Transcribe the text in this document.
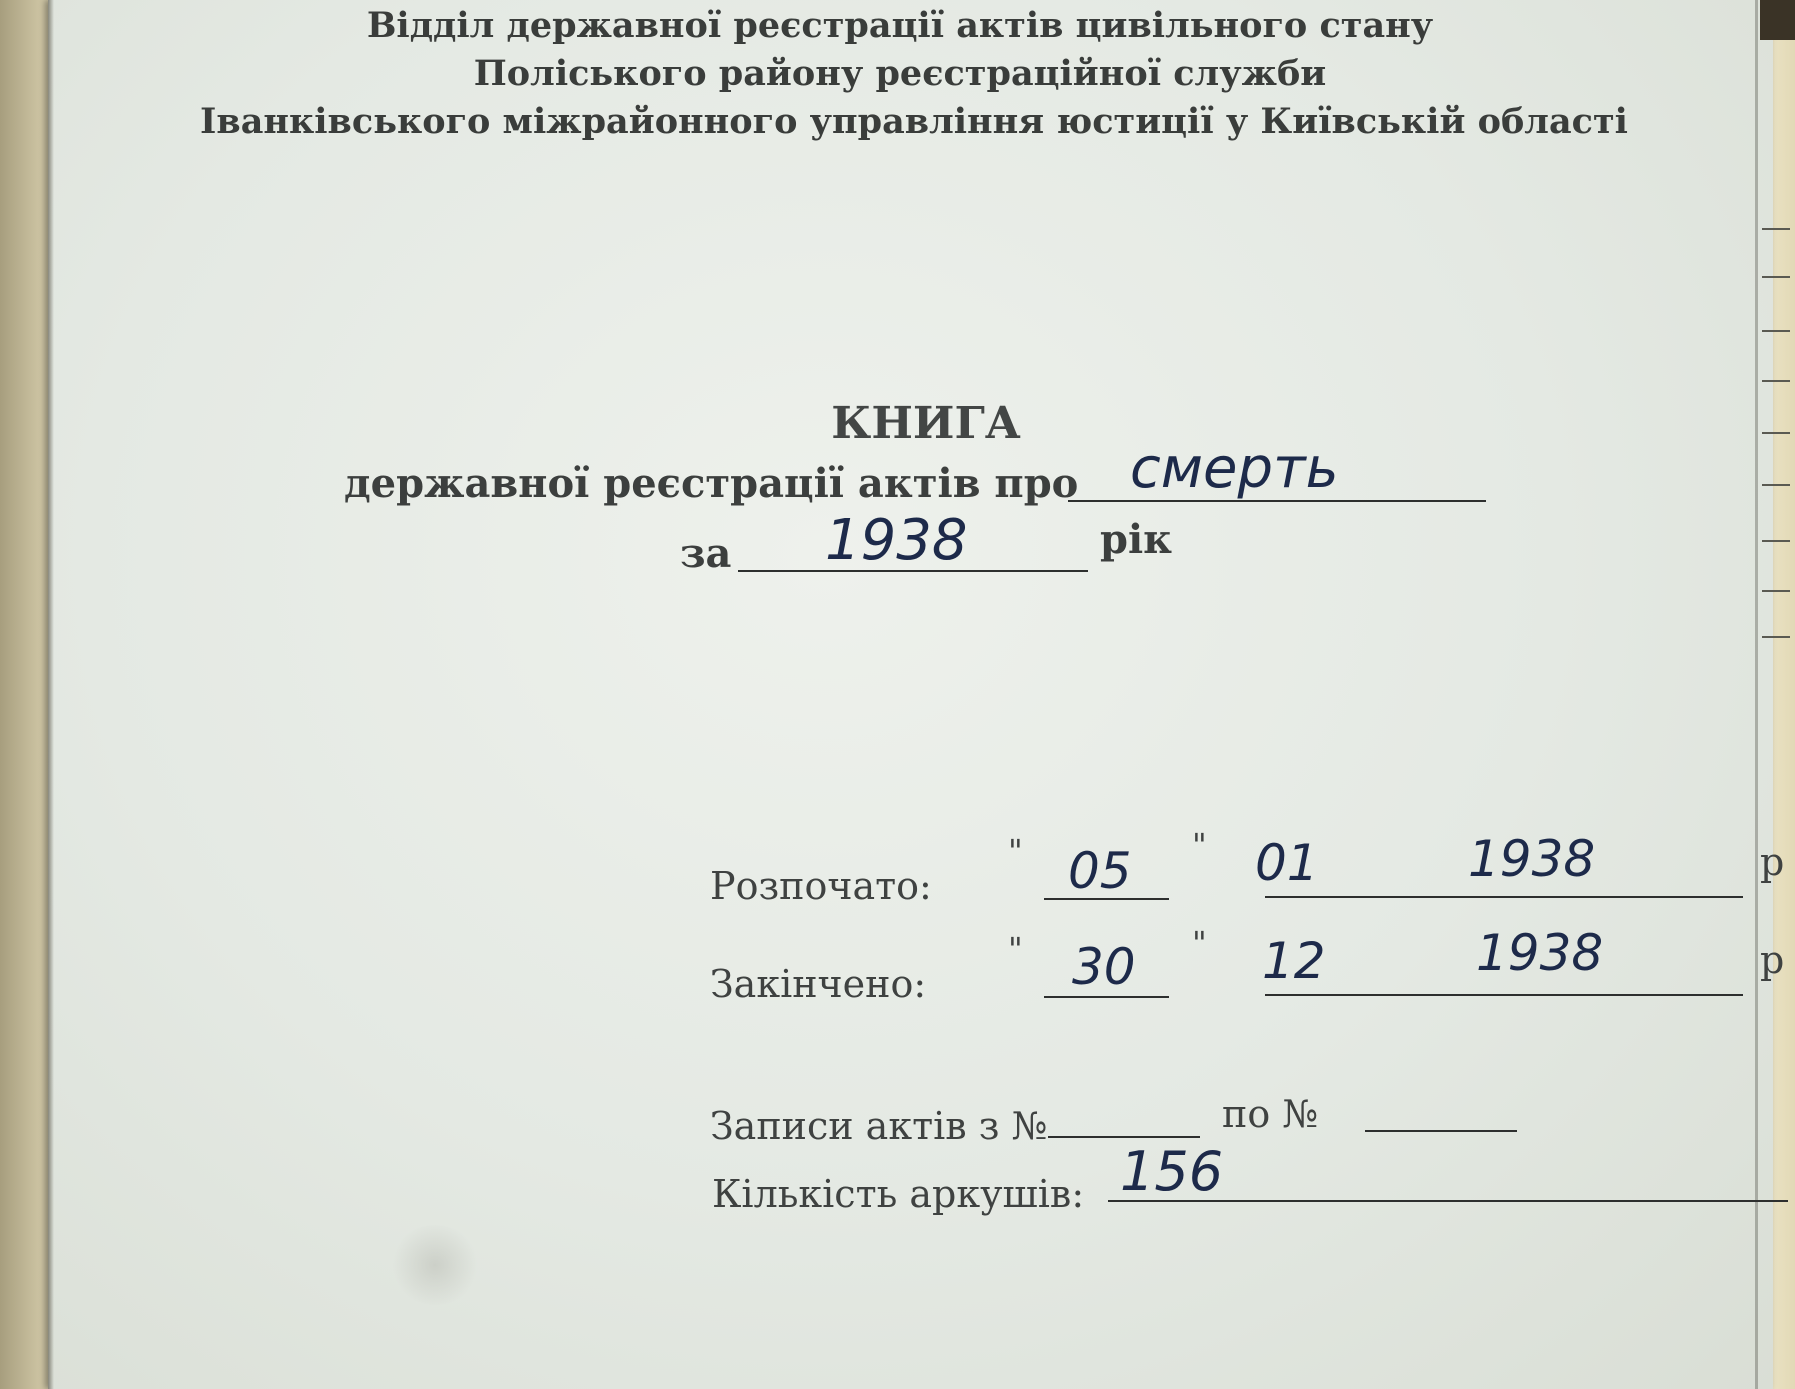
Відділ державної реєстрації актів цивільного стану
Поліського району реєстраційної служби
Іванківського міжрайонного управління юстиції у Київській області
КНИГА
державної реєстрації актів про смерть
за 1938	рік
Розпочато:
" 05 " 01	1938	р
Закінчено:
" 30 " 12	1938	р
Записи актів з №	по №
Кількість аркушів: 156
